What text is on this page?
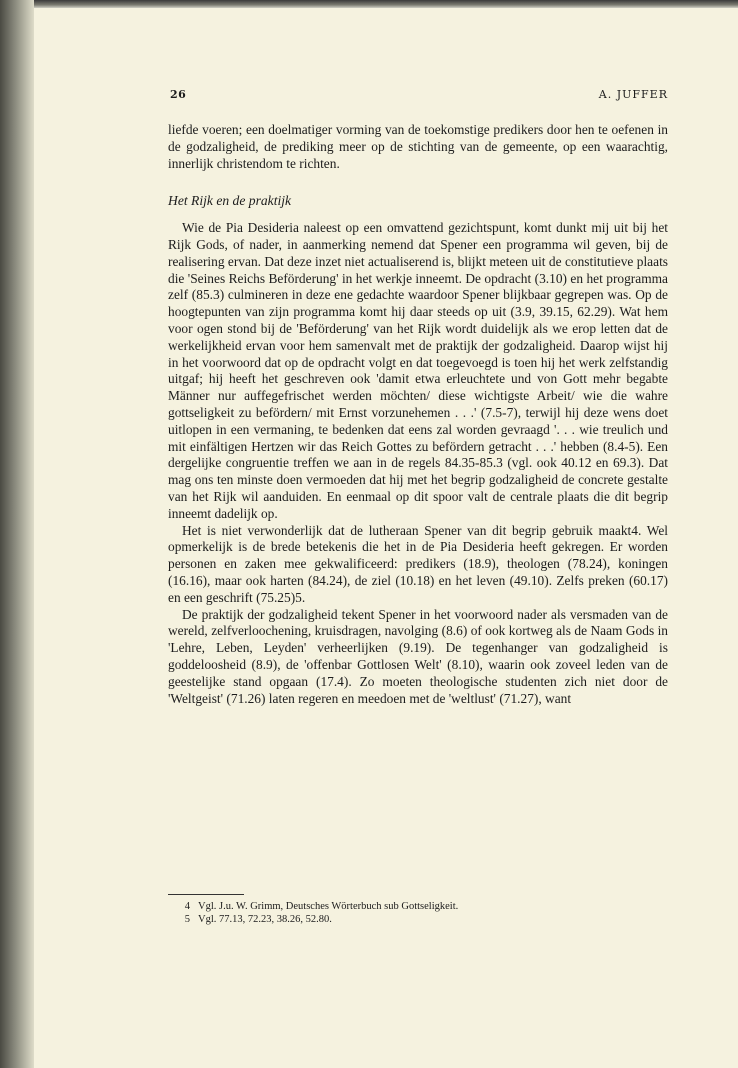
26	A. JUFFER

liefde voeren; een doelmatiger vorming van de toekomstige predikers door hen te oefenen in de godzaligheid, de prediking meer op de stichting van de gemeente, op een waarachtig, innerlijk christendom te richten.

Het Rijk en de praktijk

Wie de Pia Desideria naleest op een omvattend gezichtspunt, komt dunkt mij uit bij het Rijk Gods, of nader, in aanmerking nemend dat Spener een programma wil geven, bij de realisering ervan. Dat deze inzet niet actualiserend is, blijkt meteen uit de constitutieve plaats die 'Seines Reichs Beförderung' in het werkje inneemt. De opdracht (3.10) en het programma zelf (85.3) culmineren in deze ene gedachte waardoor Spener blijkbaar gegrepen was. Op de hoogtepunten van zijn programma komt hij daar steeds op uit (3.9, 39.15, 62.29). Wat hem voor ogen stond bij de 'Beförderung' van het Rijk wordt duidelijk als we erop letten dat de werkelijkheid ervan voor hem samenvalt met de praktijk der godzaligheid. Daarop wijst hij in het voorwoord dat op de opdracht volgt en dat toegevoegd is toen hij het werk zelfstandig uitgaf; hij heeft het geschreven ook 'damit etwa erleuchtete und von Gott mehr begabte Männer nur auffegefrischet werden möchten/ diese wichtigste Arbeit/ wie die wahre gottseligkeit zu befördern/ mit Ernst vorzunehemen . . .' (7.5-7), terwijl hij deze wens doet uitlopen in een vermaning, te bedenken dat eens zal worden gevraagd '. . . wie treulich und mit einfältigen Hertzen wir das Reich Gottes zu befördern getracht . . .' hebben (8.4-5). Een dergelijke congruentie treffen we aan in de regels 84.35-85.3 (vgl. ook 40.12 en 69.3). Dat mag ons ten minste doen vermoeden dat hij met het begrip godzaligheid de concrete gestalte van het Rijk wil aanduiden. En eenmaal op dit spoor valt de centrale plaats die dit begrip inneemt dadelijk op.

Het is niet verwonderlijk dat de lutheraan Spener van dit begrip gebruik maakt4. Wel opmerkelijk is de brede betekenis die het in de Pia Desideria heeft gekregen. Er worden personen en zaken mee gekwalificeerd: predikers (18.9), theologen (78.24), koningen (16.16), maar ook harten (84.24), de ziel (10.18) en het leven (49.10). Zelfs preken (60.17) en een geschrift (75.25)5.

De praktijk der godzaligheid tekent Spener in het voorwoord nader als versmaden van de wereld, zelfverloochening, kruisdragen, navolging (8.6) of ook kortweg als de Naam Gods in 'Lehre, Leben, Leyden' verheerlijken (9.19). De tegenhanger van godzaligheid is goddeloosheid (8.9), de 'offenbar Gottlosen Welt' (8.10), waarin ook zoveel leden van de geestelijke stand opgaan (17.4). Zo moeten theologische studenten zich niet door de 'Weltgeist' (71.26) laten regeren en meedoen met de 'weltlust' (71.27), want

4 Vgl. J.u. W. Grimm, Deutsches Wörterbuch sub Gottseligkeit.
5 Vgl. 77.13, 72.23, 38.26, 52.80.
